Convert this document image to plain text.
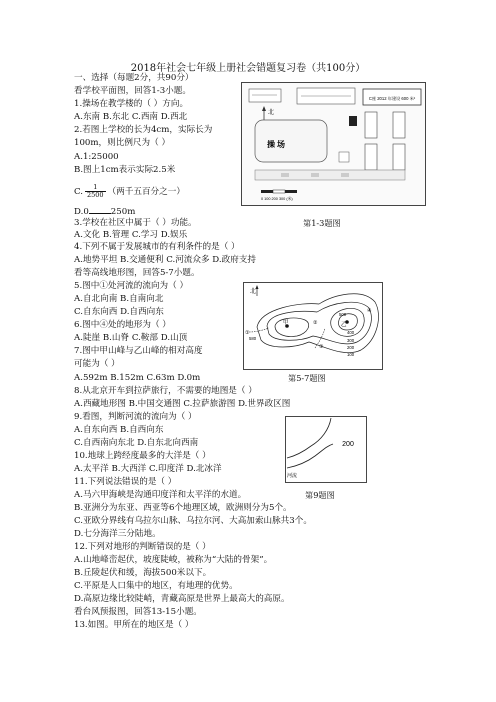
2018年社会七年级上册社会错题复习卷（共100分）
一、选择（每题2分，共90分）
看学校平面图，回答1-3小题。
1.操场在教学楼的（ ）方向。
A.东南 B.东北 C.西南 D.西北
2.若图上学校的长为4cm，实际长为
100m，则比例尺为（ ）
A.1:25000
B.图上1cm表示实际2.5米
C. $\frac{1}{2500}$ （两千五百分之一）
D.0	250m
3.学校在社区中属于（ ）功能。
A.文化 B.管理 C.学习 D.娱乐
4.下列不属于发展城市的有利条件的是（ ）
A.地势平坦 B.交通便利 C.河流众多 D.政府支持
看等高线地形图，回答5-7小题。
5.图中①处河流的流向为（ ）
A.自北向南 B.自南向北
C.自东向西 D.自西向东
6.图中④处的地形为（ ）
A.陡崖 B.山脊 C.鞍部 D.山顶
7.图中甲山峰与乙山峰的相对高度
可能为（ ）
A.592m B.152m C.63m D.0m
8.从北京开车到拉萨旅行，不需要的地图是（ ）
A.西藏地形图 B.中国交通图 C.拉萨旅游图 D.世界政区图
9.看图，判断河流的流向为（ ）
A.自东向西 B.自西向东
C.自西南向东北 D.自东北向西南
10.地球上跨经度最多的大洋是（ ）
A.太平洋 B.大西洋 C.印度洋 D.北冰洋
11.下列说法错误的是（ ）
A.马六甲海峡是沟通印度洋和太平洋的水道。
B.亚洲分为东亚、西亚等6个地理区域，欧洲则分为5个。
C.亚欧分界线有乌拉尔山脉、乌拉尔河、大高加索山脉共3个。
D.七分海洋三分陆地。
12.下列对地形的判断错误的是（ ）
A.山地峰峦起伏，坡度陡峻，被称为“大陆的骨架”。
B.丘陵起伏和缓，海拔500米以下。
C.平原是人口集中的地区，有地理的优势。
D.高原边缘比较陡峭，青藏高原是世界上最高大的高原。
看台风预报图，回答13-15小题。
13.如图。甲所在的地区是（ ）
北
C座 2012 年建设 600 米²
操 场
0 100 200 300 (米)
第1-3题图
北
甲	乙
①
②
③
④
500
400
300
200
100
580
第5-7题图
200
河流
第9题图
